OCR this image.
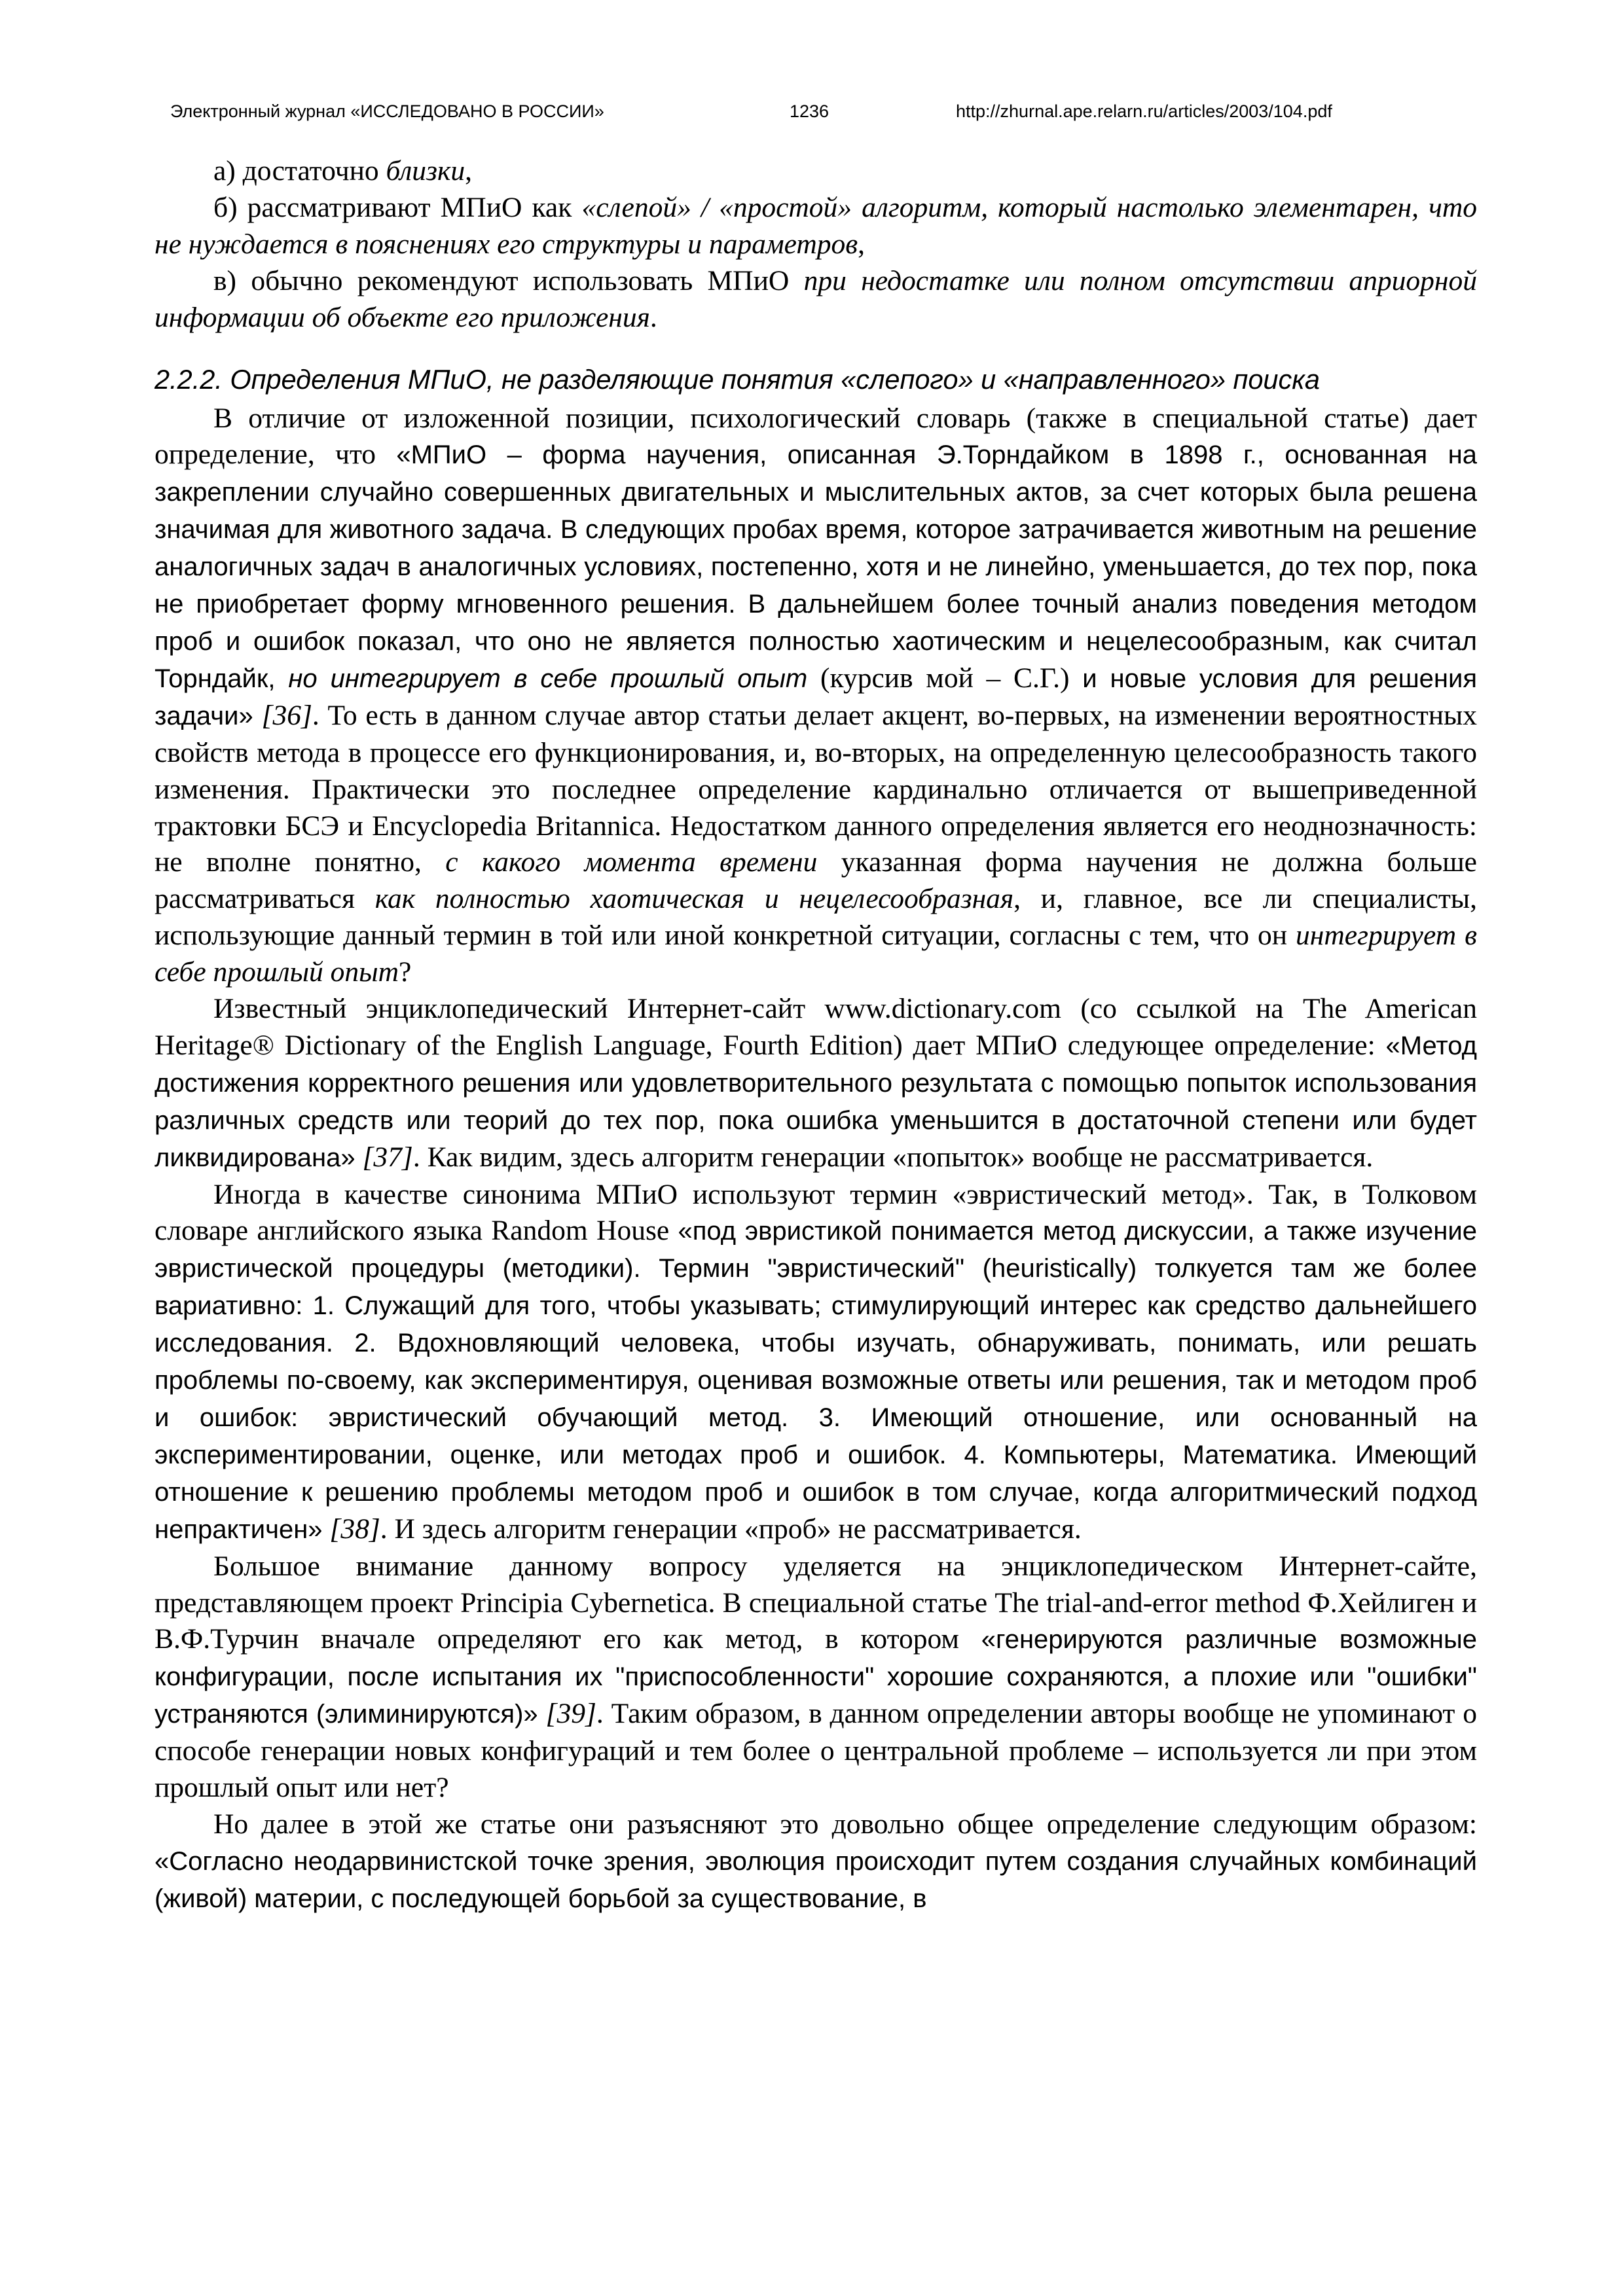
Электронный журнал «ИССЛЕДОВАНО В РОССИИ»	1236	http://zhurnal.ape.relarn.ru/articles/2003/104.pdf

а) достаточно близки,

б) рассматривают МПиО как «слепой» / «простой» алгоритм, который настолько элементарен, что не нуждается в пояснениях его структуры и параметров,

в) обычно рекомендуют использовать МПиО при недостатке или полном отсутствии априорной информации об объекте его приложения.

2.2.2. Определения МПиО, не разделяющие понятия «слепого» и «направленного» поиска

В отличие от изложенной позиции, психологический словарь (также в специальной статье) дает определение, что «МПиО – форма научения, описанная Э.Торндайком в 1898 г., основанная на закреплении случайно совершенных двигательных и мыслительных актов, за счет которых была решена значимая для животного задача. В следующих пробах время, которое затрачивается животным на решение аналогичных задач в аналогичных условиях, постепенно, хотя и не линейно, уменьшается, до тех пор, пока не приобретает форму мгновенного решения. В дальнейшем более точный анализ поведения методом проб и ошибок показал, что оно не является полностью хаотическим и нецелесообразным, как считал Торндайк, но интегрирует в себе прошлый опыт (курсив мой – С.Г.) и новые условия для решения задачи» [36]. То есть в данном случае автор статьи делает акцент, во-первых, на изменении вероятностных свойств метода в процессе его функционирования, и, во-вторых, на определенную целесообразность такого изменения. Практически это последнее определение кардинально отличается от вышеприведенной трактовки БСЭ и Encyclopedia Britannica. Недостатком данного определения является его неоднозначность: не вполне понятно, с какого момента времени указанная форма научения не должна больше рассматриваться как полностью хаотическая и нецелесообразная, и, главное, все ли специалисты, использующие данный термин в той или иной конкретной ситуации, согласны с тем, что он интегрирует в себе прошлый опыт?

Известный энциклопедический Интернет-сайт www.dictionary.com (со ссылкой на The American Heritage® Dictionary of the English Language, Fourth Edition) дает МПиО следующее определение: «Метод достижения корректного решения или удовлетворительного результата с помощью попыток использования различных средств или теорий до тех пор, пока ошибка уменьшится в достаточной степени или будет ликвидирована» [37]. Как видим, здесь алгоритм генерации «попыток» вообще не рассматривается.

Иногда в качестве синонима МПиО используют термин «эвристический метод». Так, в Толковом словаре английского языка Random House «под эвристикой понимается метод дискуссии, а также изучение эвристической процедуры (методики). Термин "эвристический" (heuristically) толкуется там же более вариативно: 1. Служащий для того, чтобы указывать; стимулирующий интерес как средство дальнейшего исследования. 2. Вдохновляющий человека, чтобы изучать, обнаруживать, понимать, или решать проблемы по-своему, как экспериментируя, оценивая возможные ответы или решения, так и методом проб и ошибок: эвристический обучающий метод. 3. Имеющий отношение, или основанный на экспериментировании, оценке, или методах проб и ошибок. 4. Компьютеры, Математика. Имеющий отношение к решению проблемы методом проб и ошибок в том случае, когда алгоритмический подход непрактичен» [38]. И здесь алгоритм генерации «проб» не рассматривается.

Большое внимание данному вопросу уделяется на энциклопедическом Интернет-сайте, представляющем проект Principia Cybernetica. В специальной статье The trial-and-error method Ф.Хейлиген и В.Ф.Турчин вначале определяют его как метод, в котором «генерируются различные возможные конфигурации, после испытания их "приспособленности" хорошие сохраняются, а плохие или "ошибки" устраняются (элиминируются)» [39]. Таким образом, в данном определении авторы вообще не упоминают о способе генерации новых конфигураций и тем более о центральной проблеме – используется ли при этом прошлый опыт или нет?

Но далее в этой же статье они разъясняют это довольно общее определение следующим образом: «Согласно неодарвинистской точке зрения, эволюция происходит путем создания случайных комбинаций (живой) материи, с последующей борьбой за существование, в
